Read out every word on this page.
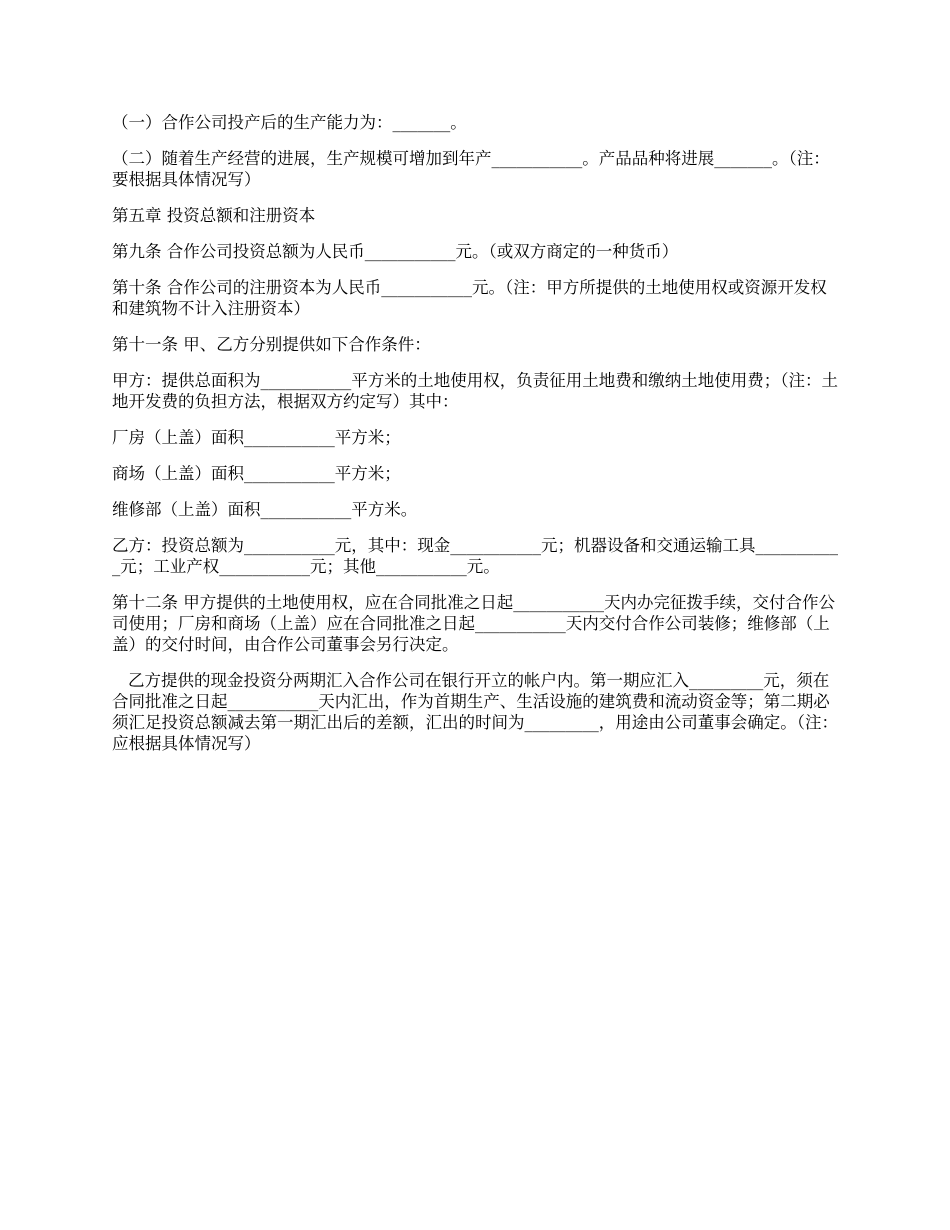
（一）合作公司投产后的生产能力为：_______。

（二）随着生产经营的进展，生产规模可增加到年产___________。产品品种将进展_______。（注：要根据具体情况写）

第五章 投资总额和注册资本

第九条 合作公司投资总额为人民币___________元。（或双方商定的一种货币）

第十条 合作公司的注册资本为人民币___________元。（注：甲方所提供的土地使用权或资源开发权和建筑物不计入注册资本）

第十一条 甲、乙方分别提供如下合作条件：

甲方：提供总面积为___________平方米的土地使用权，负责征用土地费和缴纳土地使用费；（注：土地开发费的负担方法，根据双方约定写）其中：

厂房（上盖）面积___________平方米；

商场（上盖）面积___________平方米；

维修部（上盖）面积___________平方米。

乙方：投资总额为___________元，其中：现金___________元；机器设备和交通运输工具___________元；工业产权___________元；其他___________元。

第十二条 甲方提供的土地使用权，应在合同批准之日起___________天内办完征拨手续，交付合作公司使用；厂房和商场（上盖）应在合同批准之日起___________天内交付合作公司装修；维修部（上盖）的交付时间，由合作公司董事会另行决定。

乙方提供的现金投资分两期汇入合作公司在银行开立的帐户内。第一期应汇入_________元，须在合同批准之日起___________天内汇出，作为首期生产、生活设施的建筑费和流动资金等；第二期必须汇足投资总额减去第一期汇出后的差额，汇出的时间为_________，用途由公司董事会确定。（注：应根据具体情况写）
